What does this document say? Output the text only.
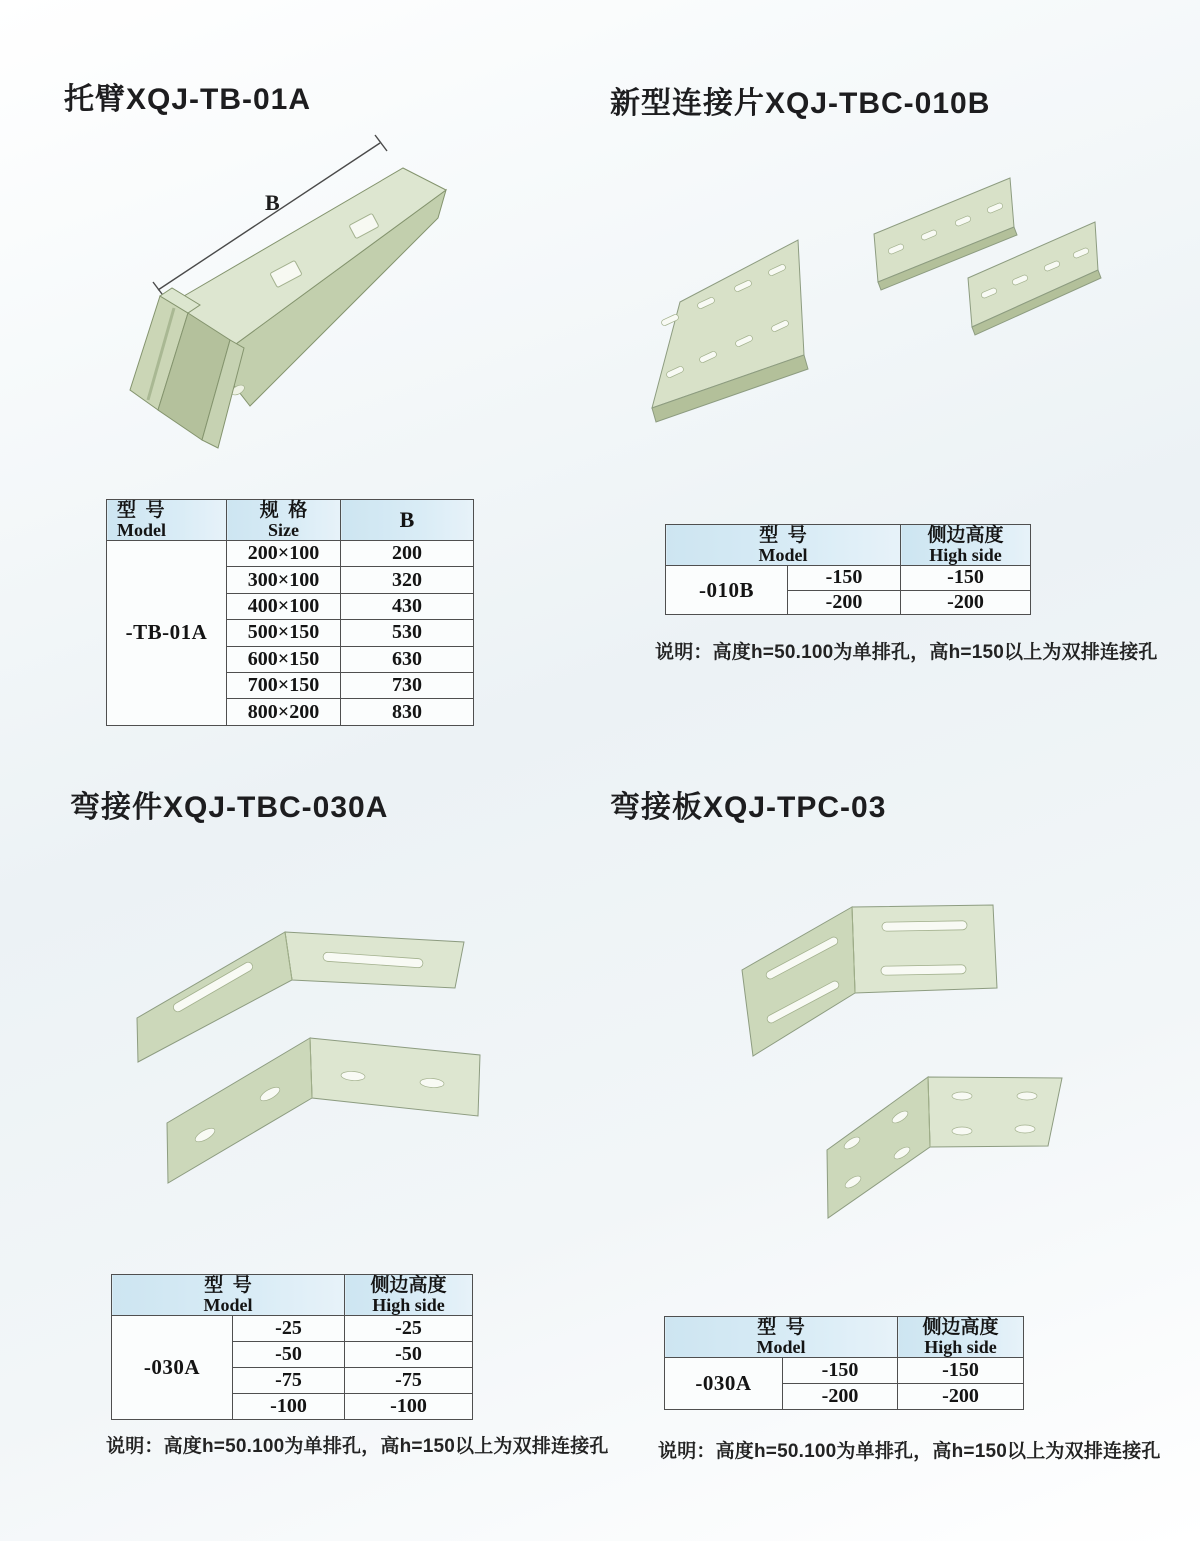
托臂XQJ-TB-01A
B
型  号
Model

规  格
Size	B
-TB-01A	200×100	200
	300×100	320
	400×100	430
	500×150	530
	600×150	630
	700×150	730
	800×200	830
新型连接片XQJ-TBC-010B
型  号
Model

侧边高度
High side

-010B	-150	-150
	-200	-200
说明：高度h=50.100为单排孔，高h=150以上为双排连接孔
弯接件XQJ-TBC-030A
型  号
Model

侧边高度
High side

-030A	-25	-25
	-50	-50
	-75	-75
	-100	-100
说明：高度h=50.100为单排孔，高h=150以上为双排连接孔
弯接板XQJ-TPC-03
型  号
Model

侧边高度
High side

-030A	-150	-150
	-200	-200
说明：高度h=50.100为单排孔，高h=150以上为双排连接孔
